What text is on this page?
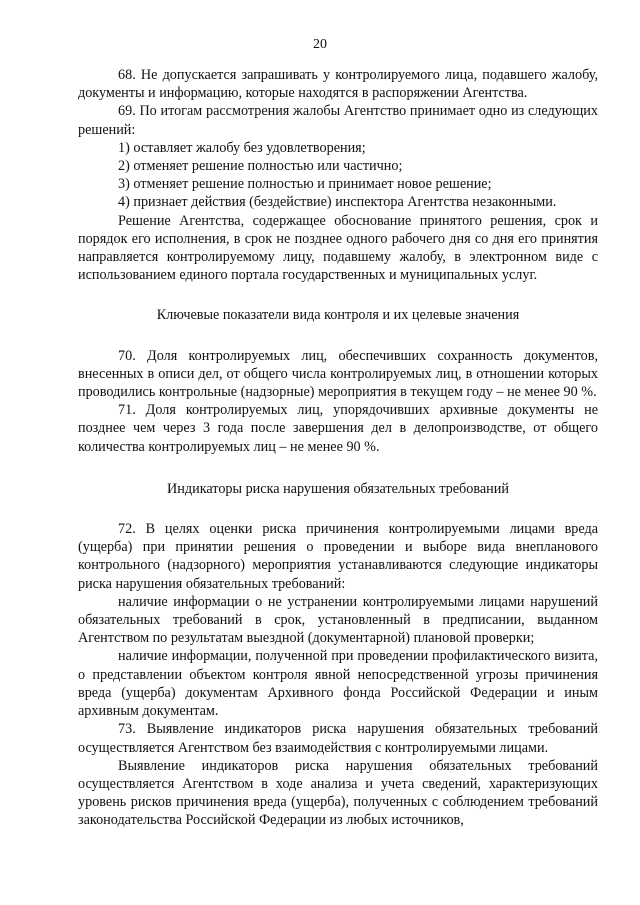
20

68. Не допускается запрашивать у контролируемого лица, подавшего жалобу, документы и информацию, которые находятся в распоряжении Агентства.

69. По итогам рассмотрения жалобы Агентство принимает одно из следующих решений:

1) оставляет жалобу без удовлетворения;

2) отменяет решение полностью или частично;

3) отменяет решение полностью и принимает новое решение;

4) признает действия (бездействие) инспектора Агентства незаконными.

Решение Агентства, содержащее обоснование принятого решения, срок и порядок его исполнения, в срок не позднее одного рабочего дня со дня его принятия направляется контролируемому лицу, подавшему жалобу, в электронном виде с использованием единого портала государственных и муниципальных услуг.

Ключевые показатели вида контроля и их целевые значения

70. Доля контролируемых лиц, обеспечивших сохранность документов, внесенных в описи дел, от общего числа контролируемых лиц, в отношении которых проводились контрольные (надзорные) мероприятия в текущем году – не менее 90 %.

71. Доля контролируемых лиц, упорядочивших архивные документы не позднее чем через 3 года после завершения дел в делопроизводстве, от общего количества контролируемых лиц – не менее 90 %.

Индикаторы риска нарушения обязательных требований

72. В целях оценки риска причинения контролируемыми лицами вреда (ущерба) при принятии решения о проведении и выборе вида внепланового контрольного (надзорного) мероприятия устанавливаются следующие индикаторы риска нарушения обязательных требований:

наличие информации о не устранении контролируемыми лицами нарушений обязательных требований в срок, установленный в предписании, выданном Агентством по результатам выездной (документарной) плановой проверки;

наличие информации, полученной при проведении профилактического визита, о представлении объектом контроля явной непосредственной угрозы причинения вреда (ущерба) документам Архивного фонда Российской Федерации и иным архивным документам.

73. Выявление индикаторов риска нарушения обязательных требований осуществляется Агентством без взаимодействия с контролируемыми лицами.

Выявление индикаторов риска нарушения обязательных требований осуществляется Агентством в ходе анализа и учета сведений, характеризующих уровень рисков причинения вреда (ущерба), полученных с соблюдением требований законодательства Российской Федерации из любых источников,
